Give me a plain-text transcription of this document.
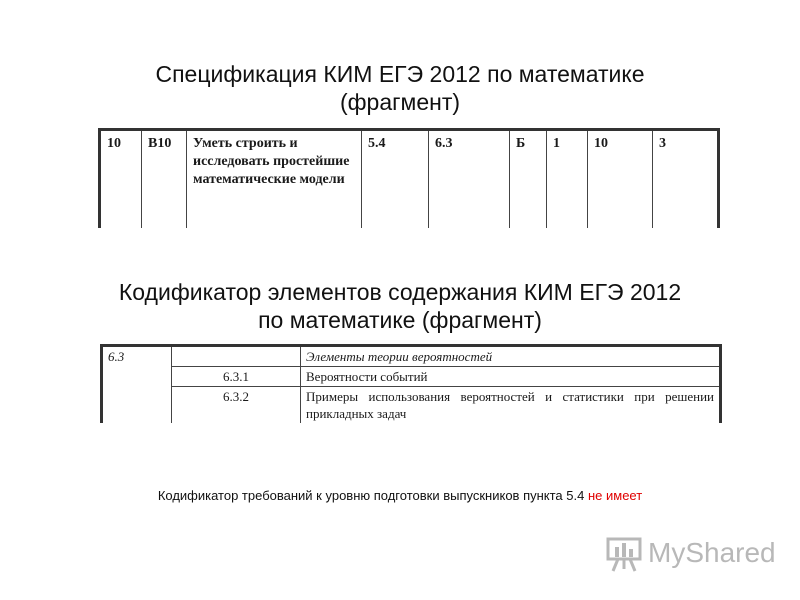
Спецификация КИМ ЕГЭ 2012 по математике
(фрагмент)
10	В10	Уметь строить и исследовать простейшие математические модели	5.4	6.3	Б	1	10	3
Кодификатор элементов содержания КИМ ЕГЭ 2012
по математике (фрагмент)
6.3		Элементы теории вероятностей
	6.3.1	Вероятности событий
	6.3.2	Примеры использования вероятностей и статистики при решении прикладных задач
Кодификатор требований к уровню подготовки выпускников пункта 5.4 не имеет
MyShared
